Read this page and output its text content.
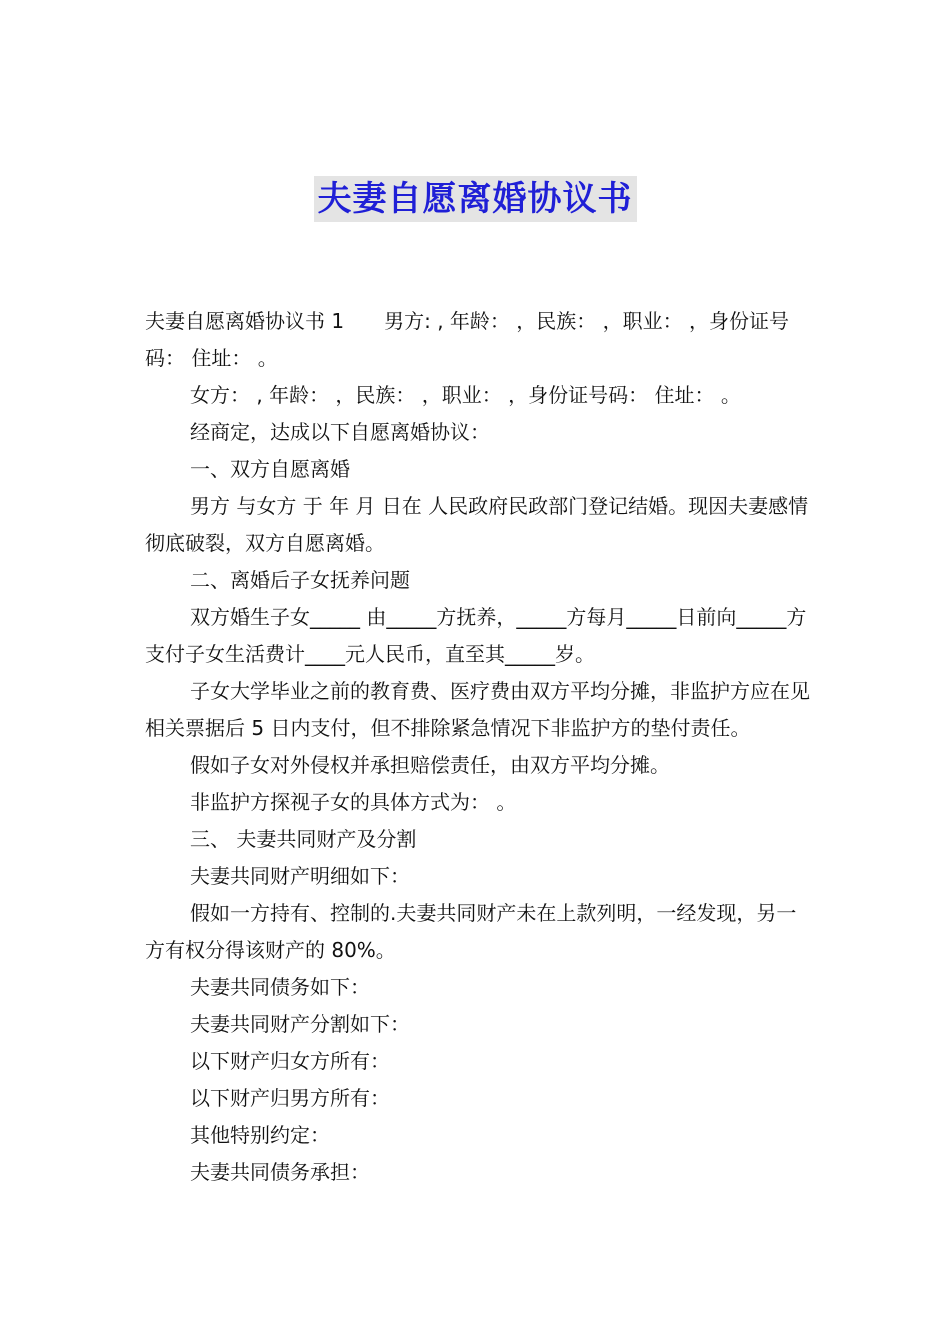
夫妻自愿离婚协议书

夫妻自愿离婚协议书 1 男方: , 年龄： ，民族： ，职业： ，身份证号码： 住址： 。

女方： , 年龄： ，民族： ，职业： ，身份证号码： 住址： 。

经商定，达成以下自愿离婚协议：

一、双方自愿离婚

男方 与女方 于 年 月 日在 人民政府民政部门登记结婚。现因夫妻感情彻底破裂，双方自愿离婚。

二、离婚后子女抚养问题

双方婚生子女_____ 由_____方抚养，_____方每月_____日前向_____方支付子女生活费计____元人民币，直至其_____岁。

子女大学毕业之前的教育费、医疗费由双方平均分摊，非监护方应在见相关票据后 5 日内支付，但不排除紧急情况下非监护方的垫付责任。

假如子女对外侵权并承担赔偿责任，由双方平均分摊。

非监护方探视子女的具体方式为： 。

三、 夫妻共同财产及分割

夫妻共同财产明细如下：

假如一方持有、控制的.夫妻共同财产未在上款列明，一经发现，另一方有权分得该财产的 80%。

夫妻共同债务如下：

夫妻共同财产分割如下：

以下财产归女方所有：

以下财产归男方所有：

其他特别约定：

夫妻共同债务承担：
